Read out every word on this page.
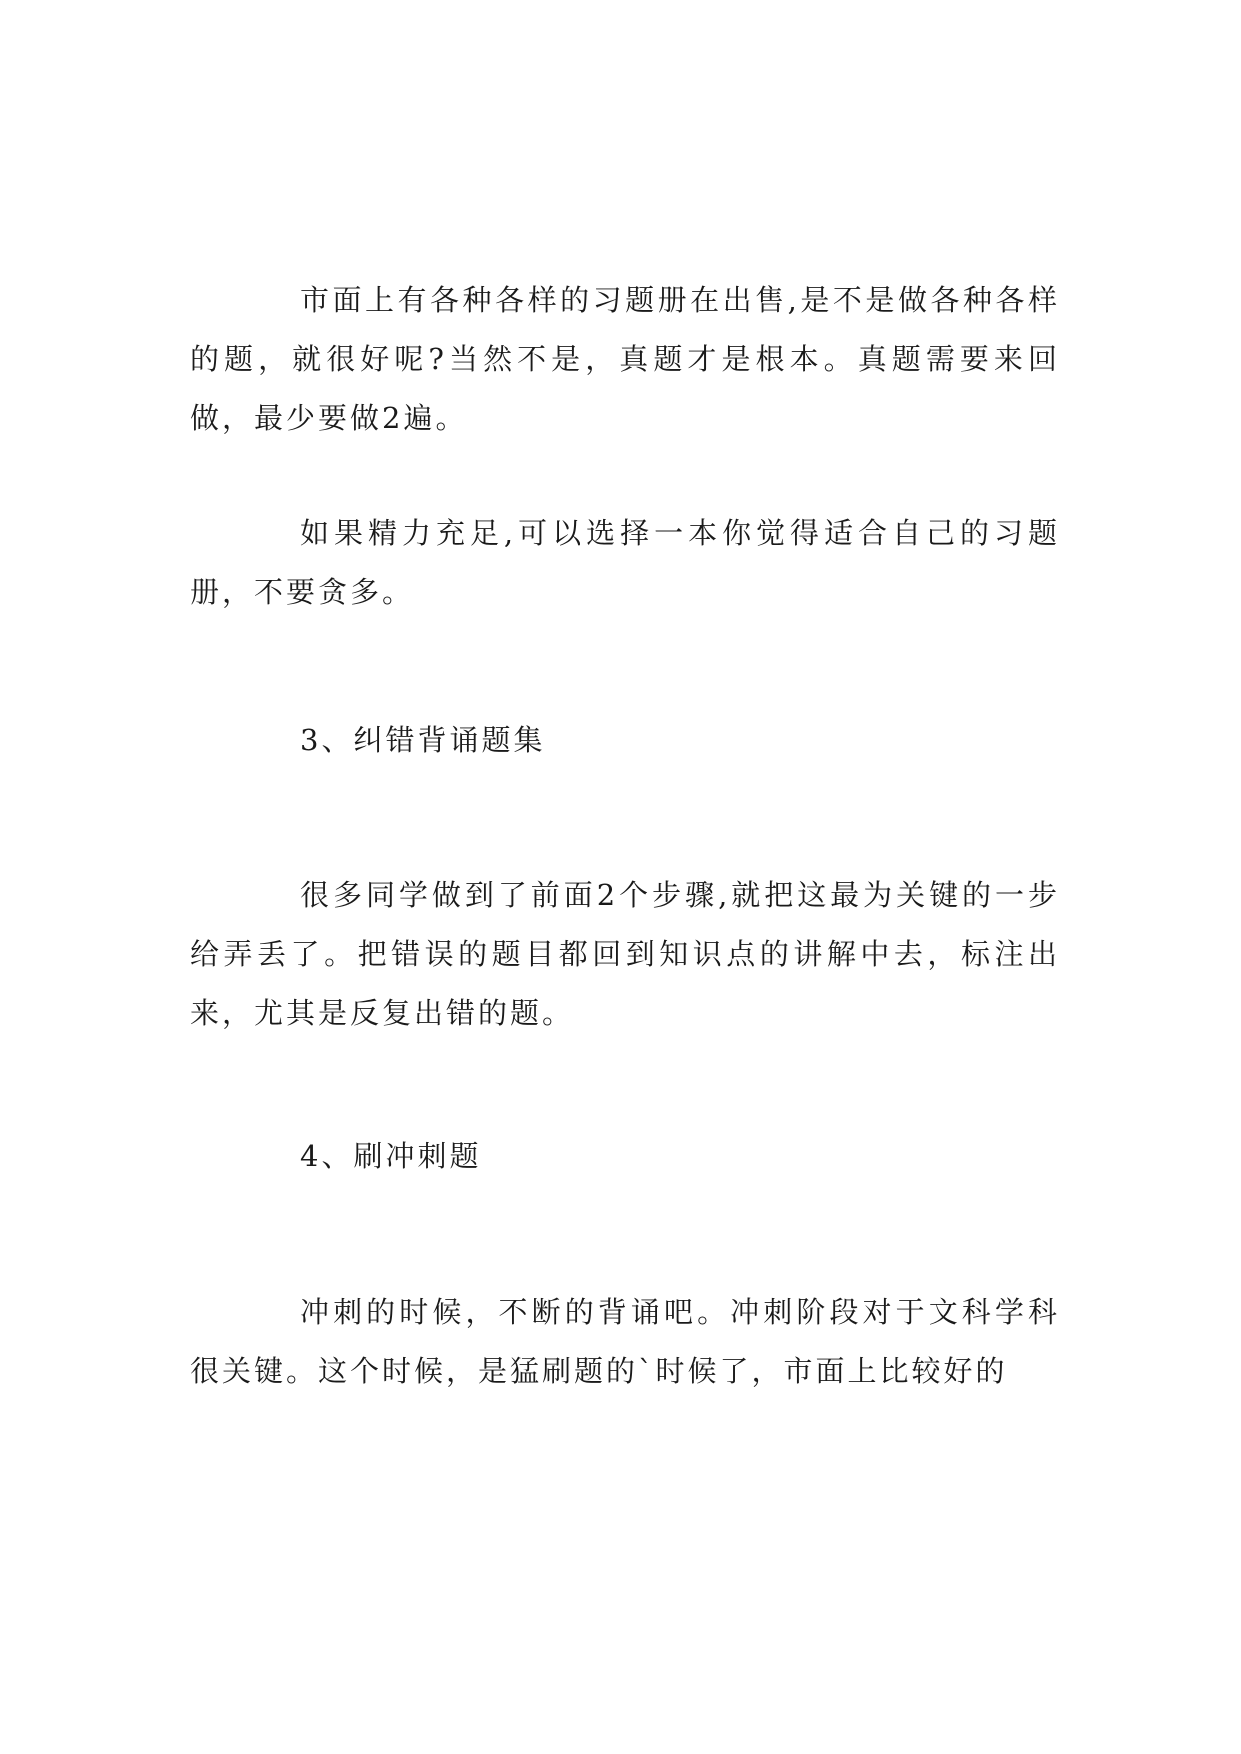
市面上有各种各样的习题册在出售,是不是做各种各样的题，就很好呢?当然不是，真题才是根本。真题需要来回做，最少要做2遍。

如果精力充足,可以选择一本你觉得适合自己的习题册，不要贪多。

3、纠错背诵题集

很多同学做到了前面2个步骤,就把这最为关键的一步给弄丢了。把错误的题目都回到知识点的讲解中去，标注出来，尤其是反复出错的题。

4、刷冲刺题

冲刺的时候，不断的背诵吧。冲刺阶段对于文科学科很关键。这个时候，是猛刷题的`时候了，市面上比较好的
